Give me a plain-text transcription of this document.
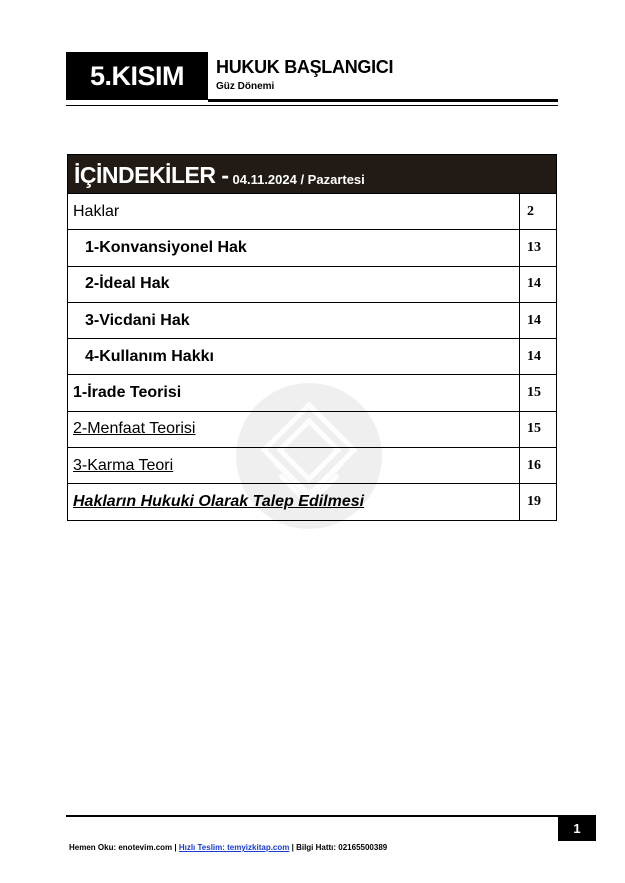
5.KISIM	HUKUK BAŞLANGICI
Güz Dönemi
İÇİNDEKİLER - 04.11.2024 / Pazartesi
Haklar	2
1-Konvansiyonel Hak	13
2-İdeal Hak	14
3-Vicdani Hak	14
4-Kullanım Hakkı	14
1-İrade Teorisi	15
2-Menfaat Teorisi	15
3-Karma Teori	16
Hakların Hukuki Olarak Talep Edilmesi	19
1
Hemen Oku: enotevim.com | Hızlı Teslim: temyizkitap.com | Bilgi Hattı: 02165500389
